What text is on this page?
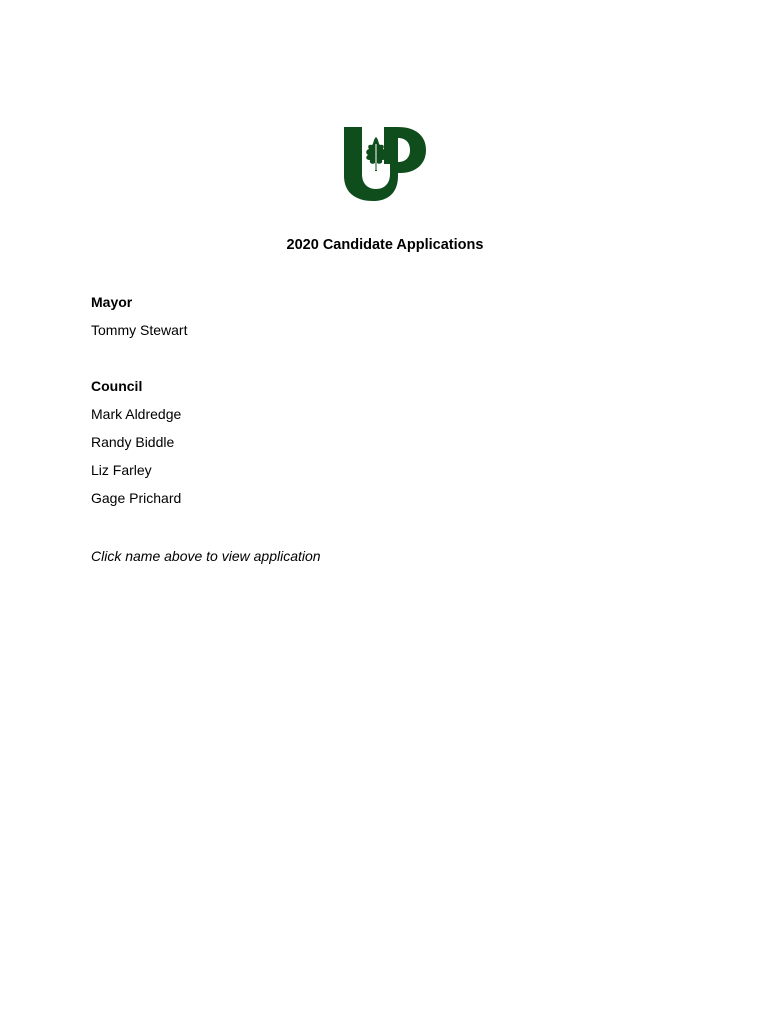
2020 Candidate Applications
Mayor
Tommy Stewart
Council
Mark Aldredge
Randy Biddle
Liz Farley
Gage Prichard
Click name above to view application
